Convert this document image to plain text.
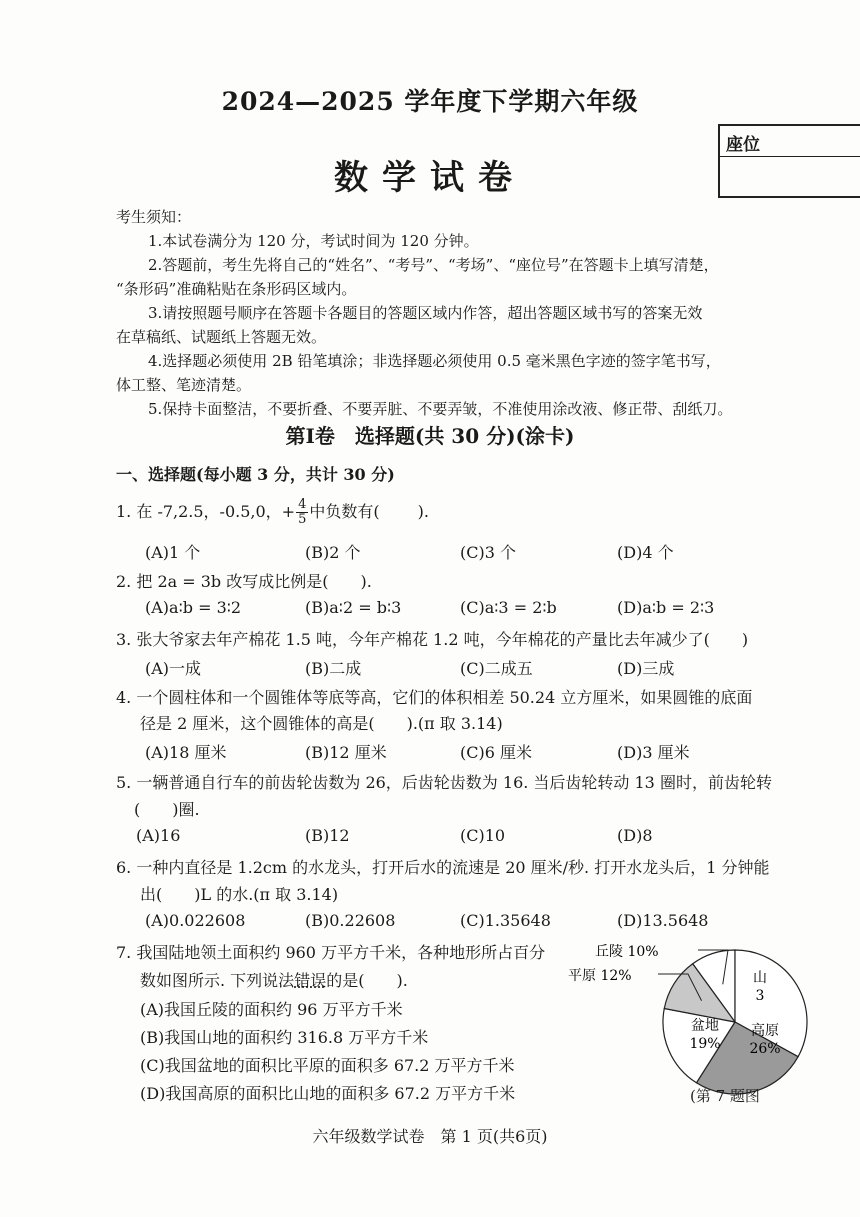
2024—2025 学年度下学期六年级
数学试卷
座位
考生须知：
1.本试卷满分为 120 分，考试时间为 120 分钟。
2.答题前，考生先将自己的“姓名”、“考号”、“考场”、“座位号”在答题卡上填写清楚，
“条形码”准确粘贴在条形码区域内。
3.请按照题号顺序在答题卡各题目的答题区域内作答，超出答题区域书写的答案无效
在草稿纸、试题纸上答题无效。
4.选择题必须使用 2B 铅笔填涂；非选择题必须使用 0.5 毫米黑色字迹的签字笔书写，
体工整、笔迹清楚。
5.保持卡面整洁，不要折叠、不要弄脏、不要弄皱，不准使用涂改液、修正带、刮纸刀。
第Ⅰ卷　选择题(共 30 分)(涂卡)
一、选择题(每小题 3 分，共计 30 分)
1. 在 -7,2.5，-0.5,0，+ $\frac{4}{5}$ 中负数有( ).
(A)1 个	(B)2 个	(C)3 个	(D)4 个
2. 把 2a = 3b 改写成比例是(　　).
(A)a∶b = 3∶2	(B)a∶2 = b∶3	(C)a∶3 = 2∶b	(D)a∶b = 2∶3
3. 张大爷家去年产棉花 1.5 吨，今年产棉花 1.2 吨，今年棉花的产量比去年减少了(　　)
(A)一成	(B)二成	(C)二成五	(D)三成
4. 一个圆柱体和一个圆锥体等底等高，它们的体积相差 50.24 立方厘米，如果圆锥的底面
径是 2 厘米，这个圆锥体的高是(　　).(π 取 3.14)
(A)18 厘米	(B)12 厘米	(C)6 厘米	(D)3 厘米
5. 一辆普通自行车的前齿轮齿数为 26，后齿轮齿数为 16. 当后齿轮转动 13 圈时，前齿轮转
(　　)圈.
(A)16	(B)12	(C)10	(D)8
6. 一种内直径是 1.2cm 的水龙头，打开后水的流速是 20 厘米/秒. 打开水龙头后，1 分钟能
出(　　)L 的水.(π 取 3.14)
(A)0.022608	(B)0.22608	(C)1.35648	(D)13.5648
7. 我国陆地领土面积约 960 万平方千米，各种地形所占百分
数如图所示. 下列说法错误的是(　　).
(A)我国丘陵的面积约 96 万平方千米
(B)我国山地的面积约 316.8 万平方千米
(C)我国盆地的面积比平原的面积多 67.2 万平方千米
(D)我国高原的面积比山地的面积多 67.2 万平方千米
丘陵 10%
山
3
高原
26%
盆地
19%
平原 12%
(第 7 题图
六年级数学试卷　第 1 页(共6页)
